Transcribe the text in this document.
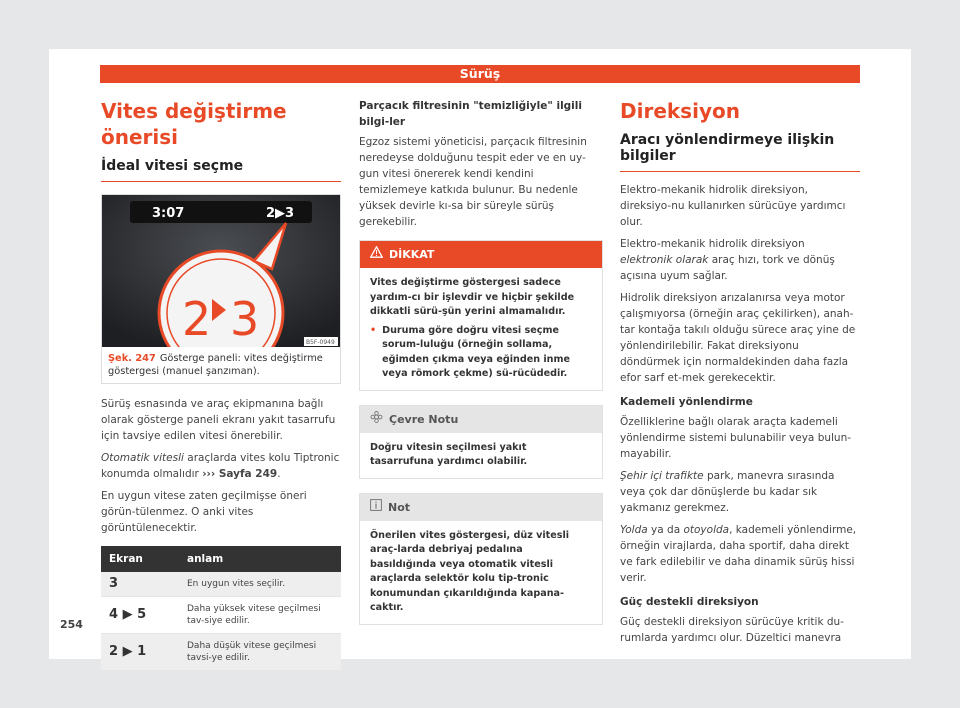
Sürüş
Vites değiştirme önerisi
İdeal vitesi seçme
3:07	2▶3
2 3	B5F-0949
Şek. 247 Gösterge paneli: vites değiştirme göstergesi (manuel şanzıman).

Sürüş esnasında ve araç ekipmanına bağlı olarak gösterge paneli ekranı yakıt tasarrufu için tavsiye edilen vitesi önerebilir.

Otomatik vitesli araçlarda vites kolu Tiptronic konumda olmalıdır ››› Sayfa 249.

En uygun vitese zaten geçilmişse öneri görün-tülenmez. O anki vites görüntülenecektir.

Ekran	anlam
3	En uygun vites seçilir.
4 ▶ 5	Daha yüksek vitese geçilmesi tav-siye edilir.
2 ▶ 1	Daha düşük vitese geçilmesi tavsi-ye edilir.
Parçacık filtresinin "temizliğiyle" ilgili bilgi-ler

Egzoz sistemi yöneticisi, parçacık filtresinin neredeyse dolduğunu tespit eder ve en uy-gun vitesi önererek kendi kendini temizlemeye katkıda bulunur. Bu nedenle yüksek devirle kı-sa bir süreyle sürüş gerekebilir.

DİKKAT
Vites değiştirme göstergesi sadece yardım-cı bir işlevdir ve hiçbir şekilde dikkatli sürü-şün yerini almamalıdır.
• Duruma göre doğru vitesi seçme sorum-luluğu (örneğin sollama, eğimden çıkma veya eğinden inme veya römork çekme) sü-rücüdedir.
Çevre Notu
Doğru vitesin seçilmesi yakıt tasarrufuna yardımcı olabilir.
Not
Önerilen vites göstergesi, düz vitesli araç-larda debriyaj pedalına basıldığında veya otomatik vitesli araçlarda selektör kolu tip-tronic konumundan çıkarıldığında kapana-caktır.
Direksiyon
Aracı yönlendirmeye ilişkin bilgiler

Elektro-mekanik hidrolik direksiyon, direksiyo-nu kullanırken sürücüye yardımcı olur.

Elektro-mekanik hidrolik direksiyon elektronik olarak araç hızı, tork ve dönüş açısına uyum sağlar.

Hidrolik direksiyon arızalanırsa veya motor çalışmıyorsa (örneğin araç çekilirken), anah-tar kontağa takılı olduğu sürece araç yine de yönlendirilebilir. Fakat direksiyonu döndürmek için normaldekinden daha fazla efor sarf et-mek gerekecektir.

Kademeli yönlendirme

Özelliklerine bağlı olarak araçta kademeli yönlendirme sistemi bulunabilir veya bulun-mayabilir.

Şehir içi trafikte park, manevra sırasında veya çok dar dönüşlerde bu kadar sık yakmanız gerekmez.

Yolda ya da otoyolda, kademeli yönlendirme, örneğin virajlarda, daha sportif, daha direkt ve fark edilebilir ve daha dinamik sürüş hissi verir.

Güç destekli direksiyon

Güç destekli direksiyon sürücüye kritik du-rumlarda yardımcı olur. Düzeltici manevra

254
